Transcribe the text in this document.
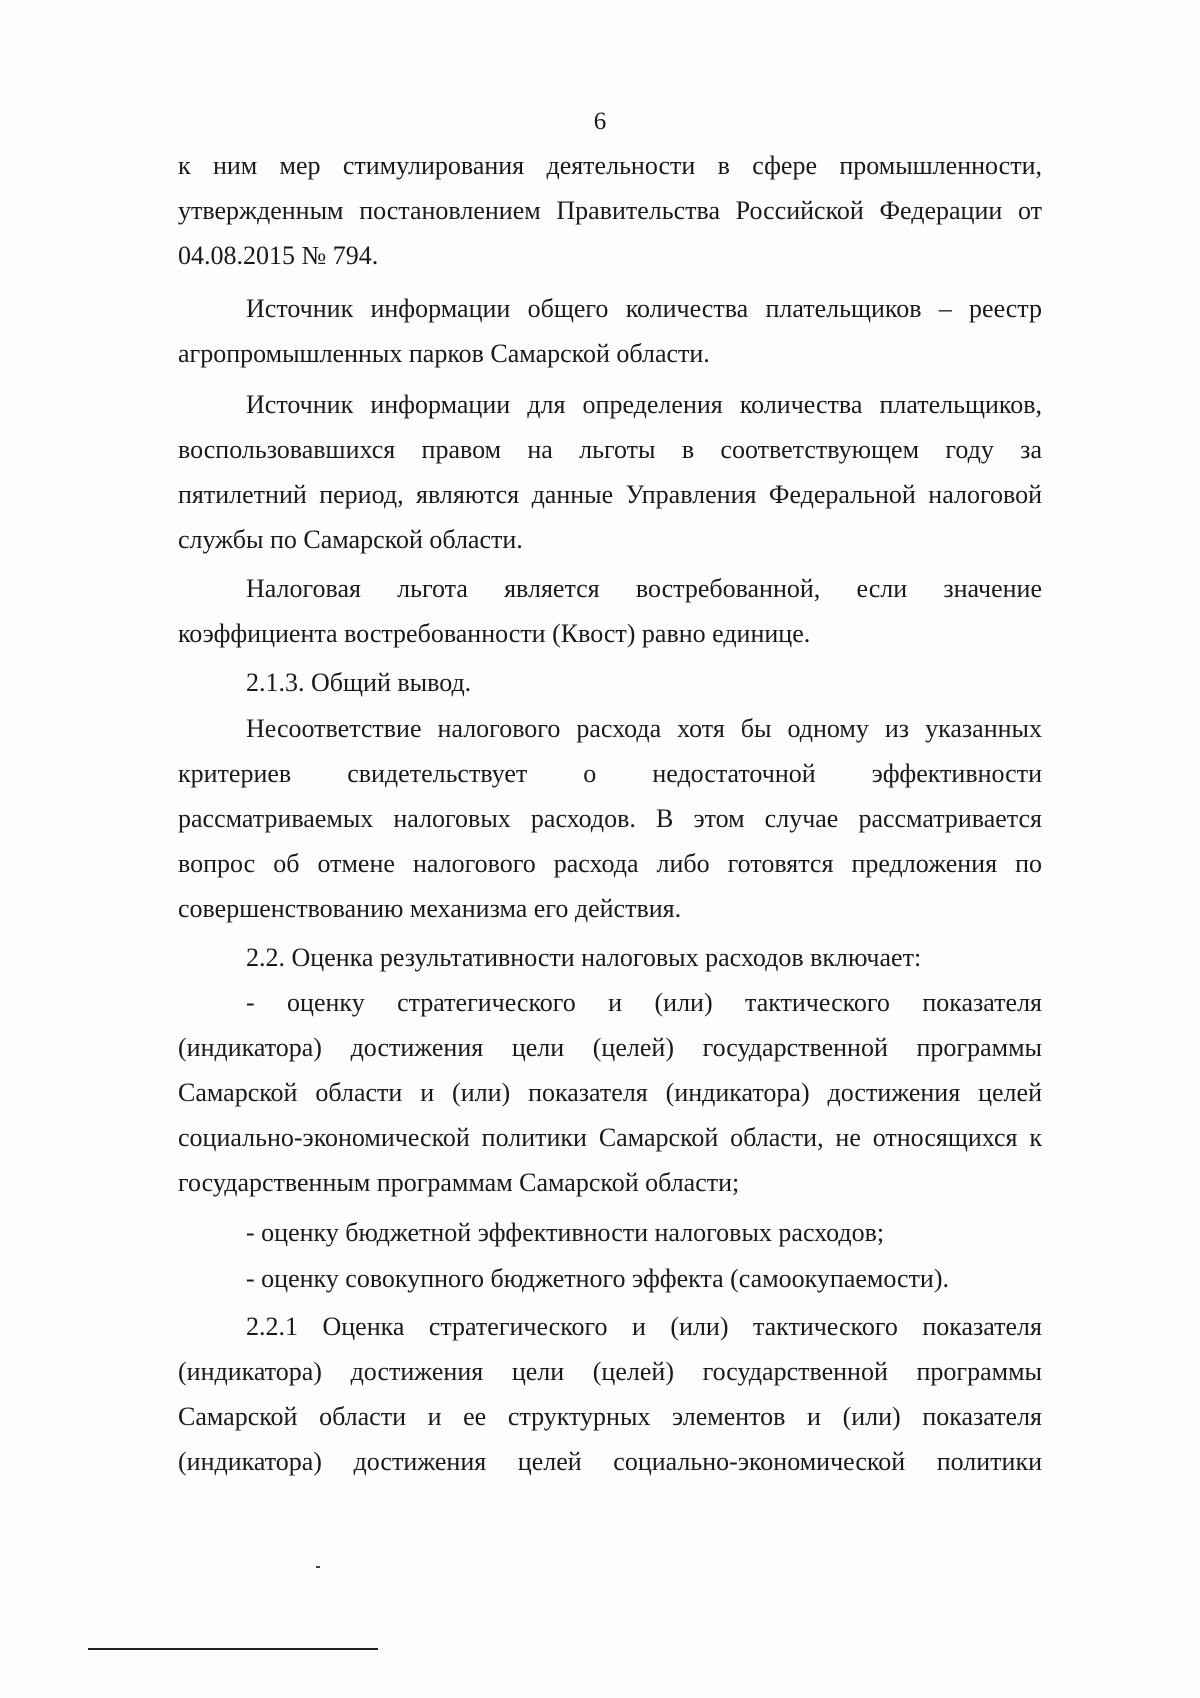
6
к ним мер стимулирования деятельности в сфере промышленности,
утвержденным постановлением Правительства Российской Федерации от
04.08.2015 № 794.
Источник информации общего количества плательщиков – реестр
агропромышленных парков Самарской области.
Источник информации для определения количества плательщиков,
воспользовавшихся правом на льготы в соответствующем году за
пятилетний период, являются данные Управления Федеральной налоговой
службы по Самарской области.
Налоговая льгота является востребованной, если значение
коэффициента востребованности (Квост) равно единице.
2.1.3. Общий вывод.
Несоответствие налогового расхода хотя бы одному из указанных
критериев свидетельствует о недостаточной эффективности
рассматриваемых налоговых расходов. В этом случае рассматривается
вопрос об отмене налогового расхода либо готовятся предложения по
совершенствованию механизма его действия.
2.2. Оценка результативности налоговых расходов включает:
- оценку стратегического и (или) тактического показателя
(индикатора) достижения цели (целей) государственной программы
Самарской области и (или) показателя (индикатора) достижения целей
социально-экономической политики Самарской области, не относящихся к
государственным программам Самарской области;
- оценку бюджетной эффективности налоговых расходов;
- оценку совокупного бюджетного эффекта (самоокупаемости).
2.2.1 Оценка стратегического и (или) тактического показателя
(индикатора) достижения цели (целей) государственной программы
Самарской области и ее структурных элементов и (или) показателя
(индикатора) достижения целей социально-экономической политики
